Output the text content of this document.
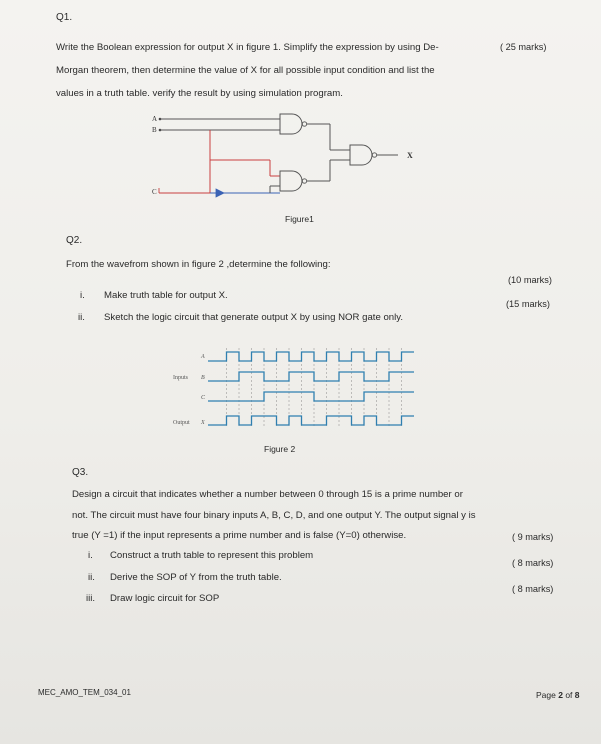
Q1.
Write the Boolean expression for output X in figure 1. Simplify the expression by using De-	( 25 marks)
Morgan theorem, then determine the value of X for all possible input condition and list the
values in a truth table. verify the result by using simulation program.
A
B
C
X
Figure1
Q2.
From the wavefrom shown in figure 2 ,determine the following:
(10 marks)
i. Make truth table for output X.
(15 marks)
ii. Sketch the logic circuit that generate output X by using NOR gate only.
Inputs
Output
A
B
C
X
Figure 2
Q3.
Design a circuit that indicates whether a number between 0 through 15 is a prime number or
not. The circuit must have four binary inputs A, B, C, D, and one output Y. The output signal y is
true (Y =1) if the input represents a prime number and is false (Y=0) otherwise.	( 9 marks)
i. Construct a truth table to represent this problem
( 8 marks)
ii. Derive the SOP of Y from the truth table.
( 8 marks)
iii. Draw logic circuit for SOP
MEC_AMO_TEM_034_01	Page 2 of 8
